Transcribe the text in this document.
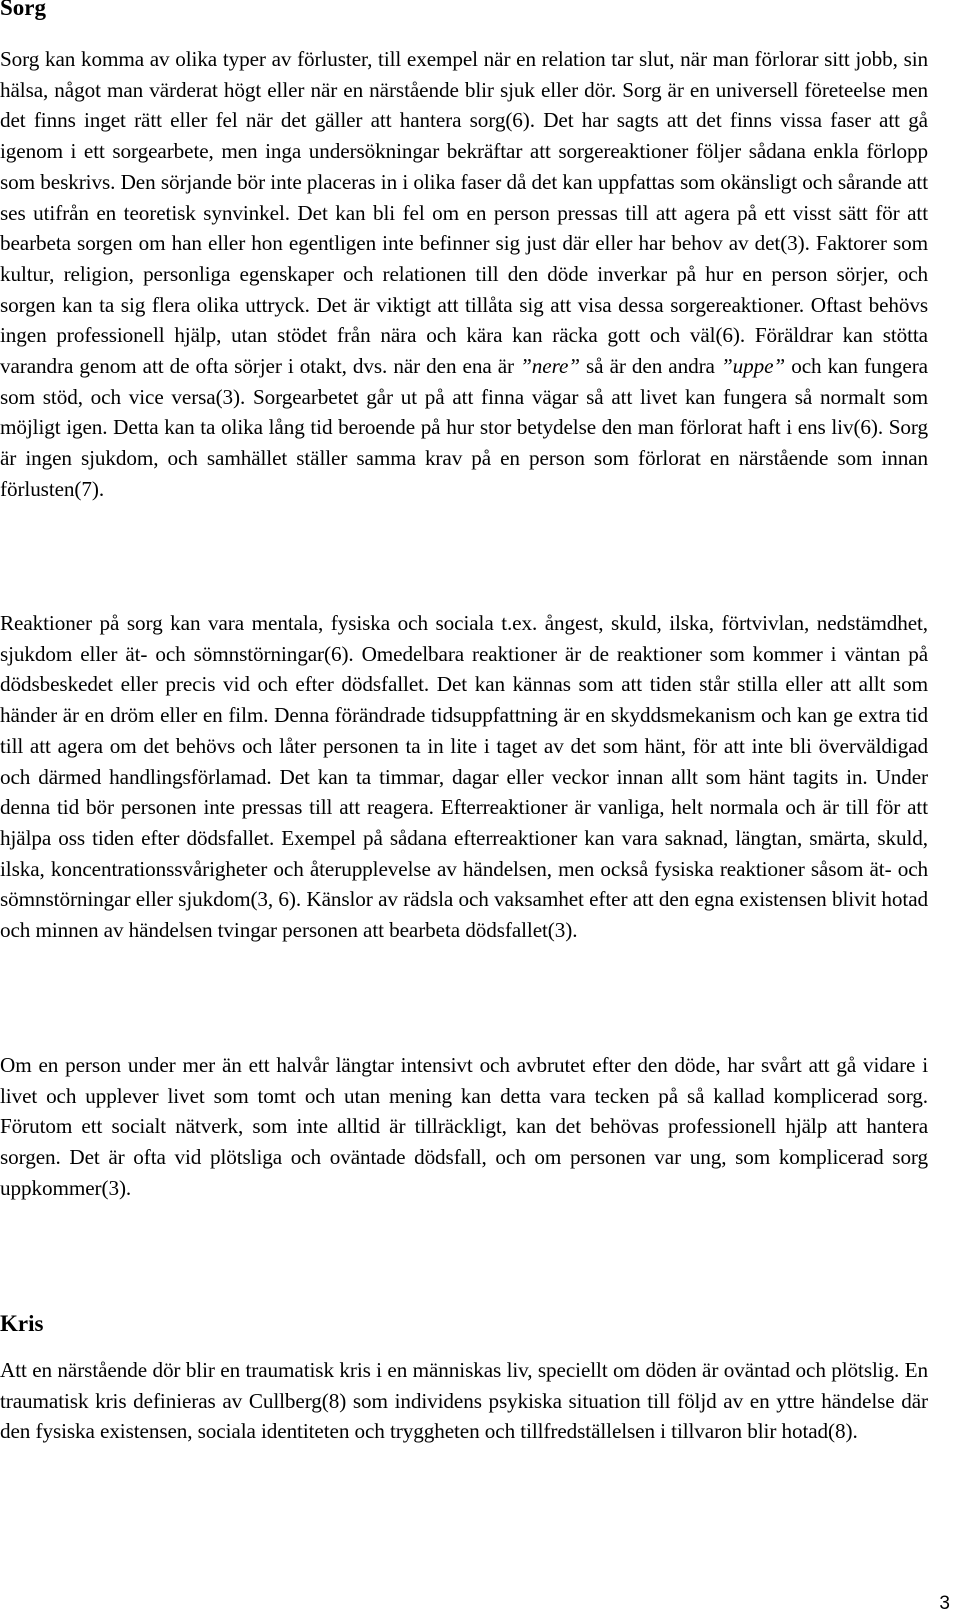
Sorg

Sorg kan komma av olika typer av förluster, till exempel när en relation tar slut, när man förlorar sitt jobb, sin hälsa, något man värderat högt eller när en närstående blir sjuk eller dör. Sorg är en universell företeelse men det finns inget rätt eller fel när det gäller att hantera sorg(6). Det har sagts att det finns vissa faser att gå igenom i ett sorgearbete, men inga undersökningar bekräftar att sorgereaktioner följer sådana enkla förlopp som beskrivs. Den sörjande bör inte placeras in i olika faser då det kan uppfattas som okänsligt och sårande att ses utifrån en teoretisk synvinkel. Det kan bli fel om en person pressas till att agera på ett visst sätt för att bearbeta sorgen om han eller hon egentligen inte befinner sig just där eller har behov av det(3). Faktorer som kultur, religion, personliga egenskaper och relationen till den döde inverkar på hur en person sörjer, och sorgen kan ta sig flera olika uttryck. Det är viktigt att tillåta sig att visa dessa sorgereaktioner. Oftast behövs ingen professionell hjälp, utan stödet från nära och kära kan räcka gott och väl(6). Föräldrar kan stötta varandra genom att de ofta sörjer i otakt, dvs. när den ena är ”nere” så är den andra ”uppe” och kan fungera som stöd, och vice versa(3). Sorgearbetet går ut på att finna vägar så att livet kan fungera så normalt som möjligt igen. Detta kan ta olika lång tid beroende på hur stor betydelse den man förlorat haft i ens liv(6). Sorg är ingen sjukdom, och samhället ställer samma krav på en person som förlorat en närstående som innan förlusten(7).

Reaktioner på sorg kan vara mentala, fysiska och sociala t.ex. ångest, skuld, ilska, förtvivlan, nedstämdhet, sjukdom eller ät- och sömnstörningar(6). Omedelbara reaktioner är de reaktioner som kommer i väntan på dödsbeskedet eller precis vid och efter dödsfallet. Det kan kännas som att tiden står stilla eller att allt som händer är en dröm eller en film. Denna förändrade tidsuppfattning är en skyddsmekanism och kan ge extra tid till att agera om det behövs och låter personen ta in lite i taget av det som hänt, för att inte bli överväldigad och därmed handlingsförlamad. Det kan ta timmar, dagar eller veckor innan allt som hänt tagits in. Under denna tid bör personen inte pressas till att reagera. Efterreaktioner är vanliga, helt normala och är till för att hjälpa oss tiden efter dödsfallet. Exempel på sådana efterreaktioner kan vara saknad, längtan, smärta, skuld, ilska, koncentrationssvårigheter och återupplevelse av händelsen, men också fysiska reaktioner såsom ät- och sömnstörningar eller sjukdom(3, 6). Känslor av rädsla och vaksamhet efter att den egna existensen blivit hotad och minnen av händelsen tvingar personen att bearbeta dödsfallet(3).

Om en person under mer än ett halvår längtar intensivt och avbrutet efter den döde, har svårt att gå vidare i livet och upplever livet som tomt och utan mening kan detta vara tecken på så kallad komplicerad sorg. Förutom ett socialt nätverk, som inte alltid är tillräckligt, kan det behövas professionell hjälp att hantera sorgen. Det är ofta vid plötsliga och oväntade dödsfall, och om personen var ung, som komplicerad sorg uppkommer(3).

Kris

Att en närstående dör blir en traumatisk kris i en människas liv, speciellt om döden är oväntad och plötslig. En traumatisk kris definieras av Cullberg(8) som individens psykiska situation till följd av en yttre händelse där den fysiska existensen, sociala identiteten och tryggheten och tillfredställelsen i tillvaron blir hotad(8).

3
